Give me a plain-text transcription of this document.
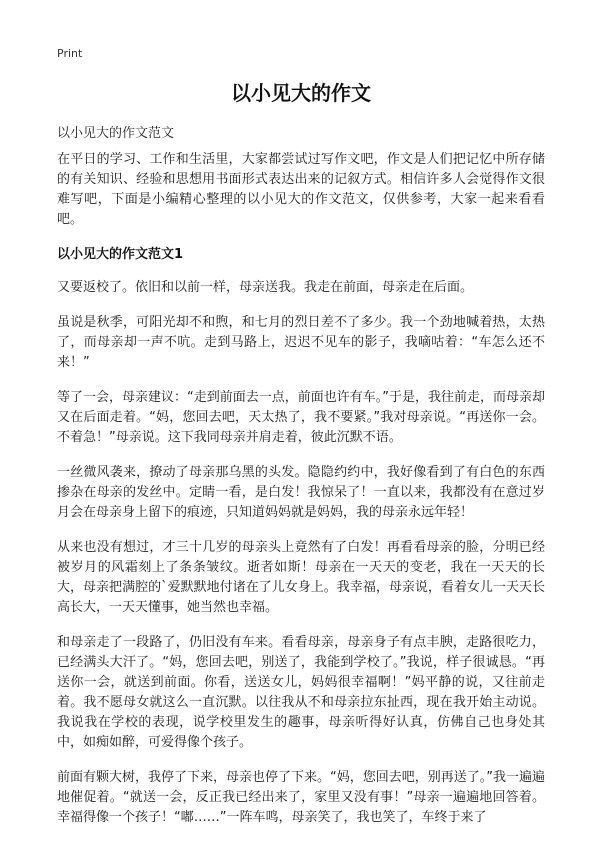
Print
以小见大的作文
以小见大的作文范文

在平日的学习、工作和生活里，大家都尝试过写作文吧，作文是人们把记忆中所存储的有关知识、经验和思想用书面形式表达出来的记叙方式。相信许多人会觉得作文很难写吧，下面是小编精心整理的以小见大的作文范文，仅供参考，大家一起来看看吧。

以小见大的作文范文1

又要返校了。依旧和以前一样，母亲送我。我走在前面，母亲走在后面。

虽说是秋季，可阳光却不和煦，和七月的烈日差不了多少。我一个劲地喊着热，太热了，而母亲却一声不吭。走到马路上，迟迟不见车的影子，我嘀咕着：“车怎么还不来！”

等了一会，母亲建议：“走到前面去一点，前面也许有车。”于是，我往前走，而母亲却又在后面走着。“妈，您回去吧，天太热了，我不要紧。”我对母亲说。“再送你一会。不着急！”母亲说。这下我同母亲并肩走着，彼此沉默不语。

一丝微风袭来，撩动了母亲那乌黑的头发。隐隐约约中，我好像看到了有白色的东西掺杂在母亲的发丝中。定睛一看，是白发！我惊呆了！一直以来，我都没有在意过岁月会在母亲身上留下的痕迹，只知道妈妈就是妈妈，我的母亲永远年轻！

从来也没有想过，才三十几岁的母亲头上竟然有了白发！再看看母亲的脸，分明已经被岁月的风霜刻上了条条皱纹。逝者如斯！母亲在一天天的变老，我在一天天的长大，母亲把满腔的`爱默默地付诸在了儿女身上。我幸福，母亲说，看着女儿一天天长高长大，一天天懂事，她当然也幸福。

和母亲走了一段路了，仍旧没有车来。看看母亲，母亲身子有点丰腴，走路很吃力，已经满头大汗了。“妈，您回去吧，别送了，我能到学校了。”我说，样子很诚恳。“再送你一会，就送到前面。你看，送送女儿，妈妈很幸福啊！”妈平静的说，又往前走着。我不愿母女就这么一直沉默。以往我从不和母亲拉东扯西，现在我开始主动说。我说我在学校的表现，说学校里发生的趣事，母亲听得好认真，仿佛自己也身处其中，如痴如醉，可爱得像个孩子。

前面有颗大树，我停了下来，母亲也停了下来。“妈，您回去吧，别再送了。”我一遍遍地催促着。“就送一会，反正我已经出来了，家里又没有事！”母亲一遍遍地回答着。幸福得像一个孩子！“嘟……”一阵车鸣，母亲笑了，我也笑了，车终于来了
